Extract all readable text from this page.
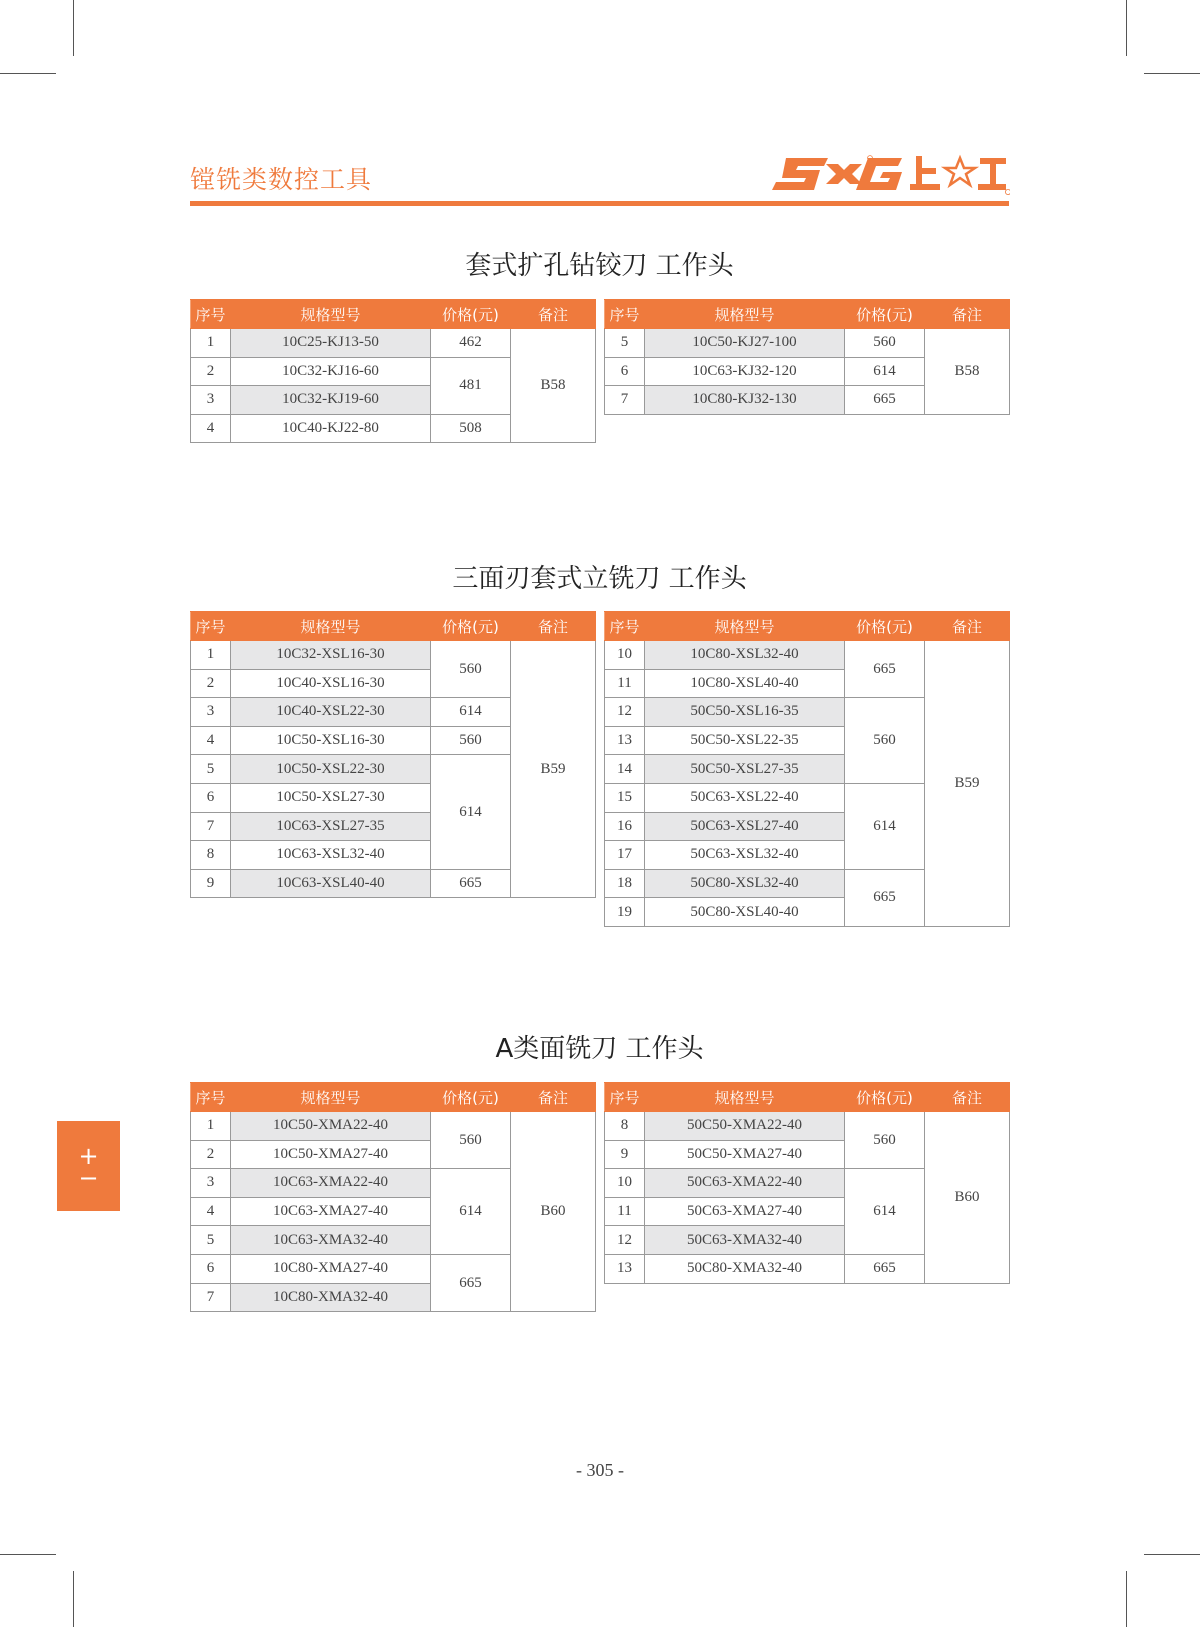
镗铣类数控工具
套式扩孔钻铰刀 工作头
三面刃套式立铣刀 工作头
A类面铣刀 工作头
序号	规格型号	价格(元)	备注
1	10C25-KJ13-50	462	B58
2	10C32-KJ16-60	481	
3	10C32-KJ19-60		
4	10C40-KJ22-80	508	
序号	规格型号	价格(元)	备注
5	10C50-KJ27-100	560	B58
6	10C63-KJ32-120	614	
7	10C80-KJ32-130	665	
序号	规格型号	价格(元)	备注
1	10C32-XSL16-30	560	B59
2	10C40-XSL16-30		
3	10C40-XSL22-30	614	
4	10C50-XSL16-30	560	
5	10C50-XSL22-30	614	
6	10C50-XSL27-30		
7	10C63-XSL27-35		
8	10C63-XSL32-40		
9	10C63-XSL40-40	665	
序号	规格型号	价格(元)	备注
10	10C80-XSL32-40	665	B59
11	10C80-XSL40-40		
12	50C50-XSL16-35	560	
13	50C50-XSL22-35		
14	50C50-XSL27-35		
15	50C63-XSL22-40	614	
16	50C63-XSL27-40		
17	50C63-XSL32-40		
18	50C80-XSL32-40	665	
19	50C80-XSL40-40		
序号	规格型号	价格(元)	备注
1	10C50-XMA22-40	560	B60
2	10C50-XMA27-40		
3	10C63-XMA22-40	614	
4	10C63-XMA27-40		
5	10C63-XMA32-40		
6	10C80-XMA27-40	665	
7	10C80-XMA32-40		
序号	规格型号	价格(元)	备注
8	50C50-XMA22-40	560	B60
9	50C50-XMA27-40		
10	50C63-XMA22-40	614	
11	50C63-XMA27-40		
12	50C63-XMA32-40		
13	50C80-XMA32-40	665	
+
−
- 305 -
